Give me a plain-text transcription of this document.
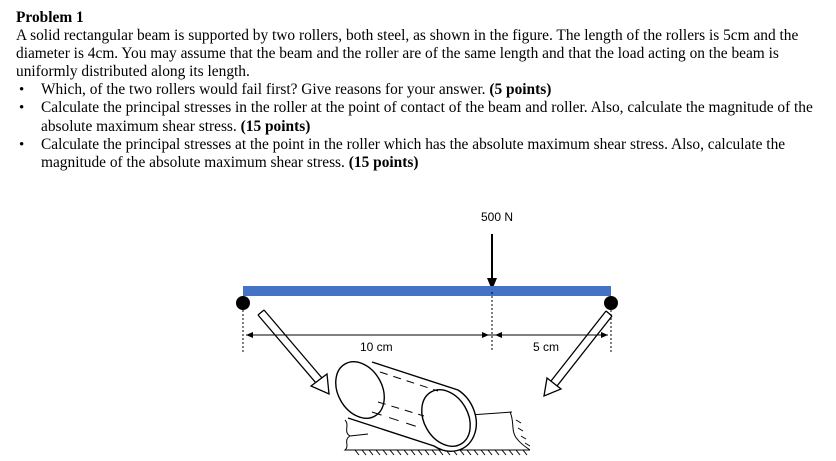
Problem 1
A solid rectangular beam is supported by two rollers, both steel, as shown in the figure. The length of the rollers is 5cm and the diameter is 4cm. You may assume that the beam and the roller are of the same length and that the load acting on the beam is uniformly distributed along its length.
• Which, of the two rollers would fail first? Give reasons for your answer. (5 points)
• Calculate the principal stresses in the roller at the point of contact of the beam and roller. Also, calculate the magnitude of the absolute maximum shear stress. (15 points)
• Calculate the principal stresses at the point in the roller which has the absolute maximum shear stress. Also, calculate the magnitude of the absolute maximum shear stress. (15 points)
500 N
10 cm	5 cm
